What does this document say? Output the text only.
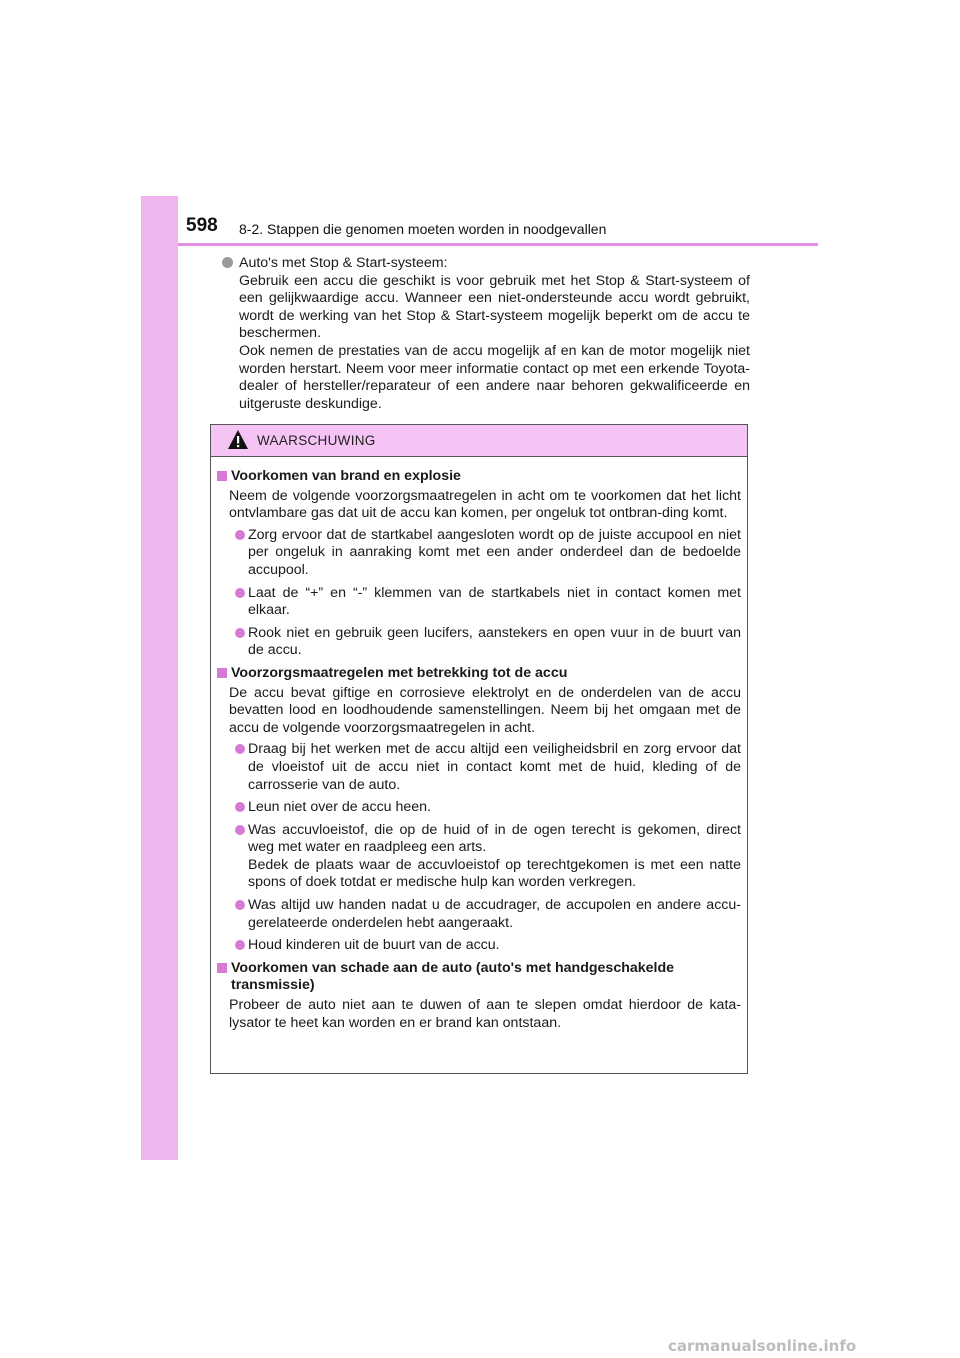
598 8-2. Stappen die genomen moeten worden in noodgevallen

Auto's met Stop & Start-systeem:

Gebruik een accu die geschikt is voor gebruik met het Stop & Start-systeem of een gelijkwaardige accu. Wanneer een niet-ondersteunde accu wordt gebruikt, wordt de werking van het Stop & Start-systeem mogelijk beperkt om de accu te beschermen.

Ook nemen de prestaties van de accu mogelijk af en kan de motor mogelijk niet worden herstart. Neem voor meer informatie contact op met een erkende Toyota-dealer of hersteller/reparateur of een andere naar behoren gekwalificeerde en uitgeruste deskundige.

WAARSCHUWING
Voorkomen van brand en explosie

Neem de volgende voorzorgsmaatregelen in acht om te voorkomen dat het licht ontvlambare gas dat uit de accu kan komen, per ongeluk tot ontbran-ding komt.

Zorg ervoor dat de startkabel aangesloten wordt op de juiste accupool en niet per ongeluk in aanraking komt met een ander onderdeel dan de bedoelde accupool.

Laat de “+” en “-” klemmen van de startkabels niet in contact komen met elkaar.

Rook niet en gebruik geen lucifers, aanstekers en open vuur in de buurt van de accu.

Voorzorgsmaatregelen met betrekking tot de accu

De accu bevat giftige en corrosieve elektrolyt en de onderdelen van de accu bevatten lood en loodhoudende samenstellingen. Neem bij het omgaan met de accu de volgende voorzorgsmaatregelen in acht.

Draag bij het werken met de accu altijd een veiligheidsbril en zorg ervoor dat de vloeistof uit de accu niet in contact komt met de huid, kleding of de carrosserie van de auto.

Leun niet over de accu heen.

Was accuvloeistof, die op de huid of in de ogen terecht is gekomen, direct weg met water en raadpleeg een arts.

Bedek de plaats waar de accuvloeistof op terechtgekomen is met een natte spons of doek totdat er medische hulp kan worden verkregen.

Was altijd uw handen nadat u de accudrager, de accupolen en andere accu-gerelateerde onderdelen hebt aangeraakt.

Houd kinderen uit de buurt van de accu.

Voorkomen van schade aan de auto (auto's met handgeschakelde transmissie)

Probeer de auto niet aan te duwen of aan te slepen omdat hierdoor de kata-lysator te heet kan worden en er brand kan ontstaan.

carmanualsonline.info
